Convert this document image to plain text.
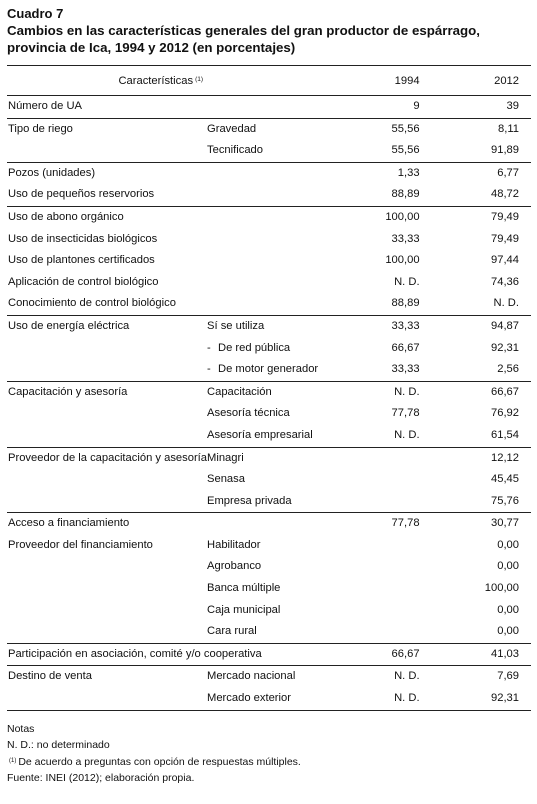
Cuadro 7
Cambios en las características generales del gran productor de espárrago, provincia de Ica, 1994 y 2012 (en porcentajes)
Características $^{(1)}$		1994	2012
Número de UA		9	39
Tipo de riego	Gravedad	55,56	8,11
	Tecnificado	55,56	91,89
Pozos (unidades)		1,33	6,77
Uso de pequeños reservorios		88,89	48,72
Uso de abono orgánico		100,00	79,49
Uso de insecticidas biológicos		33,33	79,49
Uso de plantones certificados		100,00	97,44
Aplicación de control biológico		N. D.	74,36
Conocimiento de control biológico		88,89	N. D.
Uso de energía eléctrica	Sí se utiliza	33,33	94,87
	- De red pública	66,67	92,31
	- De motor generador	33,33	2,56
Capacitación y asesoría	Capacitación	N. D.	66,67
	Asesoría técnica	77,78	76,92
	Asesoría empresarial	N. D.	61,54
Proveedor de la capacitación y asesoría	Minagri		12,12
	Senasa		45,45
	Empresa privada		75,76
Acceso a financiamiento		77,78	30,77
Proveedor del financiamiento	Habilitador		0,00
	Agrobanco		0,00
	Banca múltiple		100,00
	Caja municipal		0,00
	Cara rural		0,00
Participación en asociación, comité y/o cooperativa		66,67	41,03
Destino de venta	Mercado nacional	N. D.	7,69
	Mercado exterior	N. D.	92,31
Notas
N. D.: no determinado
$^{(1)}$ De acuerdo a preguntas con opción de respuestas múltiples.
Fuente: INEI (2012); elaboración propia.
